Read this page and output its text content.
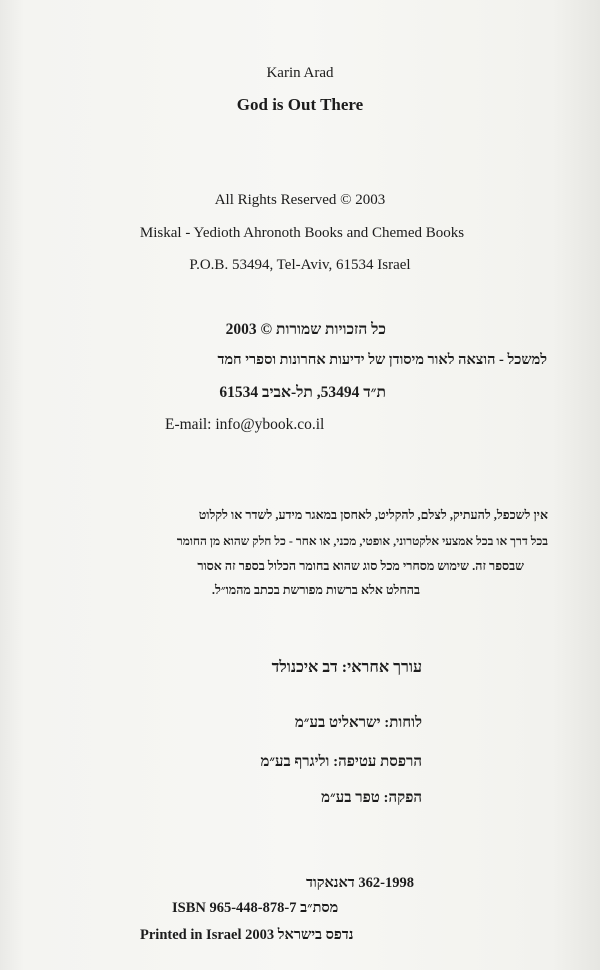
Karin Arad
God is Out There
All Rights Reserved © 2003
Miskal - Yedioth Ahronoth Books and Chemed Books
P.O.B. 53494, Tel-Aviv, 61534 Israel
כל הזכויות שמורות © 2003
למשכל - הוצאה לאור מיסודן של ידיעות אחרונות וספרי חמד
ת״ד 53494, תל-אביב 61534
E-mail: info@ybook.co.il
אין לשכפל, להעתיק, לצלם, להקליט, לאחסן במאגר מידע, לשדר או לקלוט
בכל דרך או בכל אמצעי אלקטרוני, אופטי, מכני, או אחר - כל חלק שהוא מן החומר
שבספר זה. שימוש מסחרי מכל סוג שהוא בחומר הכלול בספר זה אסור
בהחלט אלא ברשות מפורשת בכתב מהמו״ל.
עורך אחראי: דב איכנולד
לוחות: ישראליט בע״מ
הרפסת עטיפה: וליגרף בע״מ
הפקה: טפר בע״מ
362-1998 דאנאקוד
ISBN 965-448-878-7 מסת״ב
Printed in Israel 2003 נדפס בישראל
